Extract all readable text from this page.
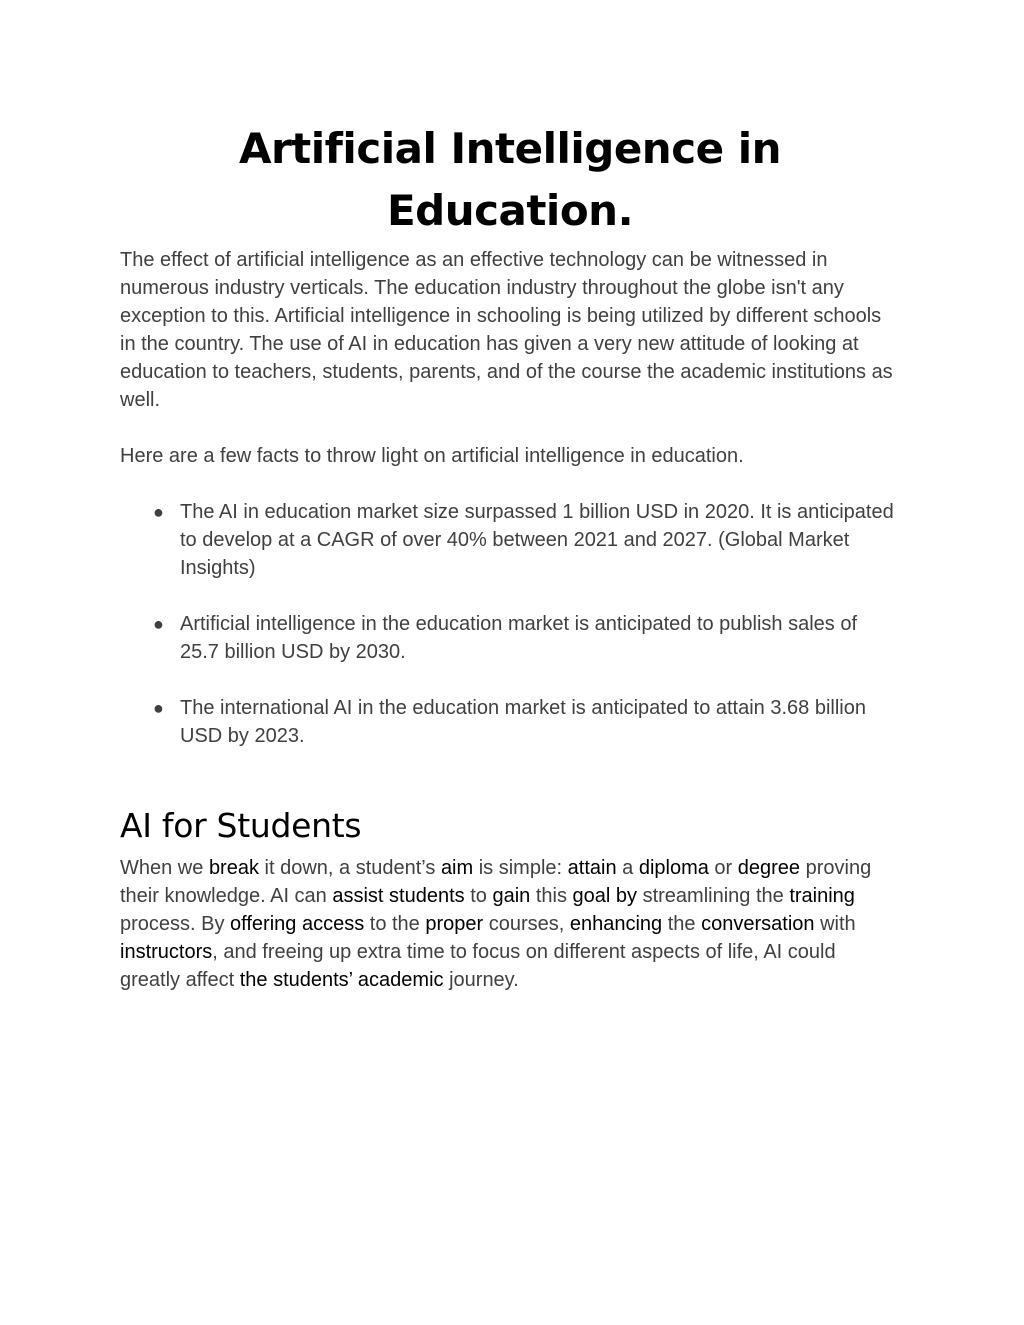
Artificial Intelligence in Education.

The effect of artificial intelligence as an effective technology can be witnessed in numerous industry verticals. The education industry throughout the globe isn't any exception to this. Artificial intelligence in schooling is being utilized by different schools in the country. The use of AI in education has given a very new attitude of looking at education to teachers, students, parents, and of the course the academic institutions as well.

Here are a few facts to throw light on artificial intelligence in education.

● The AI in education market size surpassed 1 billion USD in 2020. It is anticipated to develop at a CAGR of over 40% between 2021 and 2027. (Global Market Insights)
● Artificial intelligence in the education market is anticipated to publish sales of 25.7 billion USD by 2030.
● The international AI in the education market is anticipated to attain 3.68 billion USD by 2023.
AI for Students

When we break it down, a student’s aim is simple: attain a diploma or degree proving their knowledge. AI can assist students to gain this goal by streamlining the training process. By offering access to the proper courses, enhancing the conversation with instructors, and freeing up extra time to focus on different aspects of life, AI could greatly affect the students’ academic journey.
